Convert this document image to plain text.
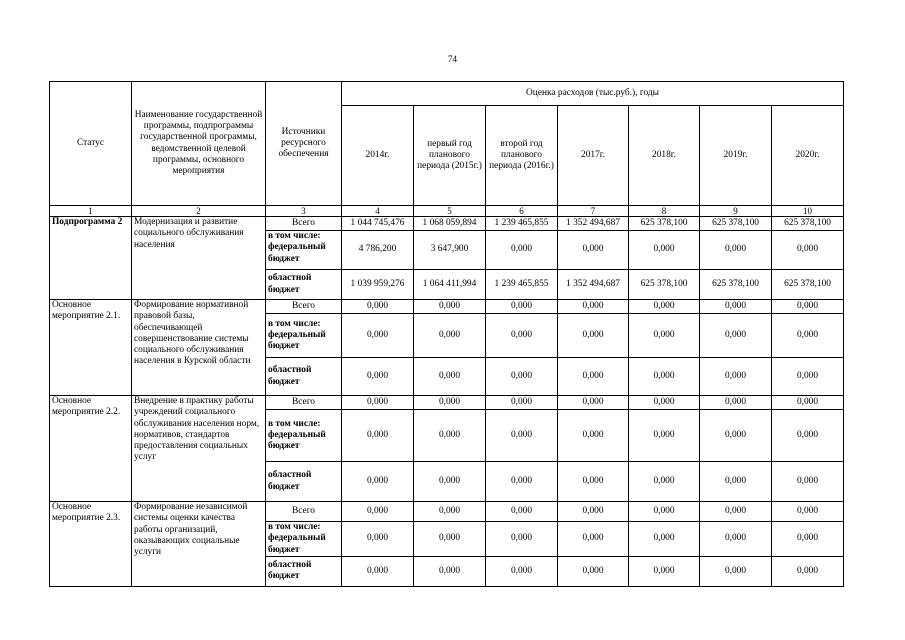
74
Статус	Наименование государственной программы, подпрограммы государственной программы, ведомственной целевой программы, основного мероприятия	Источники ресурсного обеспечения	Оценка расходов (тыс.руб.), годы						
			2014г.	первый год планового периода (2015г.)	второй год планового периода (2016г.)	2017г.	2018г.	2019г.	2020г.
1	2	3	4	5	6	7	8	9	10
Подпрограмма 2	Модернизация и развитие социального обслуживания населения	Всего	1 044 745,476	1 068 059,894	1 239 465,855	1 352 494,687	625 378,100	625 378,100	625 378,100
		в том числе: федеральный бюджет	4 786,200	3 647,900	0,000	0,000	0,000	0,000	0,000
		областной бюджет	1 039 959,276	1 064 411,994	1 239 465,855	1 352 494,687	625 378,100	625 378,100	625 378,100
Основное мероприятие 2.1.	Формирование нормативной правовой базы, обеспечивающей совершенствование системы социального обслуживания населения в Курской области	Всего	0,000	0,000	0,000	0,000	0,000	0,000	0,000
		в том числе: федеральный бюджет	0,000	0,000	0,000	0,000	0,000	0,000	0,000
		областной бюджет	0,000	0,000	0,000	0,000	0,000	0,000	0,000
Основное мероприятие 2.2.	Внедрение в практику работы учреждений социального обслуживания населения норм, нормативов, стандартов предоставления социальных услуг	Всего	0,000	0,000	0,000	0,000	0,000	0,000	0,000
		в том числе: федеральный бюджет	0,000	0,000	0,000	0,000	0,000	0,000	0,000
		областной бюджет	0,000	0,000	0,000	0,000	0,000	0,000	0,000
Основное мероприятие 2.3.	Формирование независимой системы оценки качества работы организаций, оказывающих социальные услуги	Всего	0,000	0,000	0,000	0,000	0,000	0,000	0,000
		в том числе: федеральный бюджет	0,000	0,000	0,000	0,000	0,000	0,000	0,000
		областной бюджет	0,000	0,000	0,000	0,000	0,000	0,000	0,000
